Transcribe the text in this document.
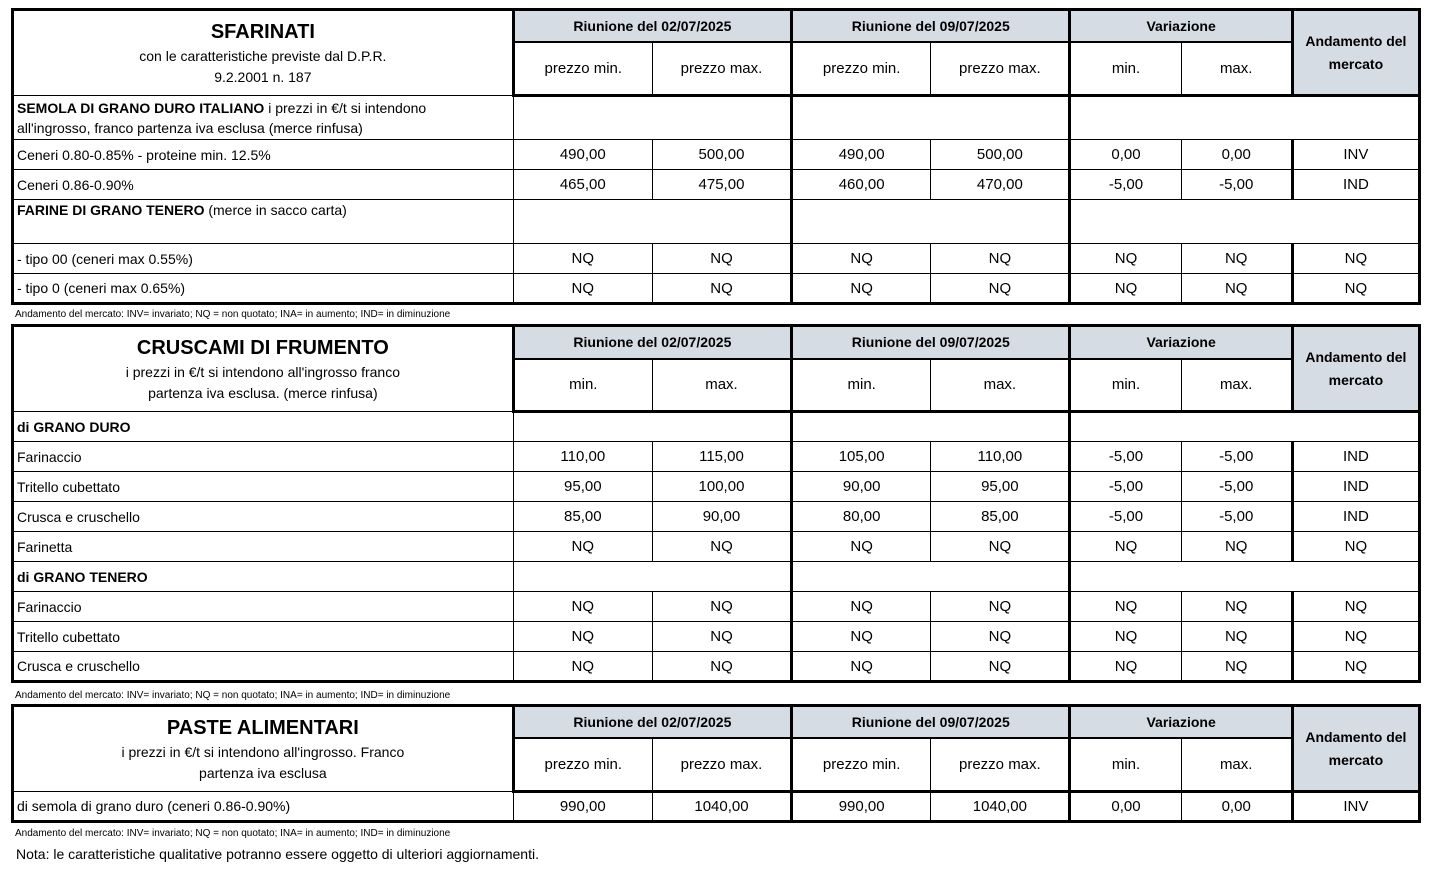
SFARINATI
con le caratteristiche previste dal D.P.R.
9.2.2001 n. 187	Riunione del 02/07/2025		Riunione del 09/07/2025		Variazione		Andamento del mercato
	prezzo min.	prezzo max.	prezzo min.	prezzo max.	min.	max.	
SEMOLA DI GRANO DURO ITALIANO i prezzi in €/t si intendono
all'ingrosso, franco partenza iva esclusa (merce rinfusa)							
Ceneri 0.80-0.85% - proteine min. 12.5%	490,00	500,00	490,00	500,00	0,00	0,00	INV
Ceneri 0.86-0.90%	465,00	475,00	460,00	470,00	-5,00	-5,00	IND
FARINE DI GRANO TENERO (merce in sacco carta)							
- tipo 00 (ceneri max 0.55%)	NQ	NQ	NQ	NQ	NQ	NQ	NQ
- tipo 0 (ceneri max 0.65%)	NQ	NQ	NQ	NQ	NQ	NQ	NQ
Andamento del mercato: INV= invariato; NQ = non quotato; INA= in aumento; IND= in diminuzione
CRUSCAMI DI FRUMENTO
i prezzi in €/t si intendono all'ingrosso franco
partenza iva esclusa. (merce rinfusa)	Riunione del 02/07/2025		Riunione del 09/07/2025		Variazione		Andamento del mercato
	min.	max.	min.	max.	min.	max.	
di GRANO DURO							
Farinaccio	110,00	115,00	105,00	110,00	-5,00	-5,00	IND
Tritello cubettato	95,00	100,00	90,00	95,00	-5,00	-5,00	IND
Crusca e cruschello	85,00	90,00	80,00	85,00	-5,00	-5,00	IND
Farinetta	NQ	NQ	NQ	NQ	NQ	NQ	NQ
di GRANO TENERO							
Farinaccio	NQ	NQ	NQ	NQ	NQ	NQ	NQ
Tritello cubettato	NQ	NQ	NQ	NQ	NQ	NQ	NQ
Crusca e cruschello	NQ	NQ	NQ	NQ	NQ	NQ	NQ
Andamento del mercato: INV= invariato; NQ = non quotato; INA= in aumento; IND= in diminuzione
PASTE ALIMENTARI
i prezzi in €/t si intendono all'ingrosso. Franco
partenza iva esclusa	Riunione del 02/07/2025		Riunione del 09/07/2025		Variazione		Andamento del mercato
	prezzo min.	prezzo max.	prezzo min.	prezzo max.	min.	max.	
di semola di grano duro (ceneri 0.86-0.90%)	990,00	1040,00	990,00	1040,00	0,00	0,00	INV
Andamento del mercato: INV= invariato; NQ = non quotato; INA= in aumento; IND= in diminuzione
Nota: le caratteristiche qualitative potranno essere oggetto di ulteriori aggiornamenti.
